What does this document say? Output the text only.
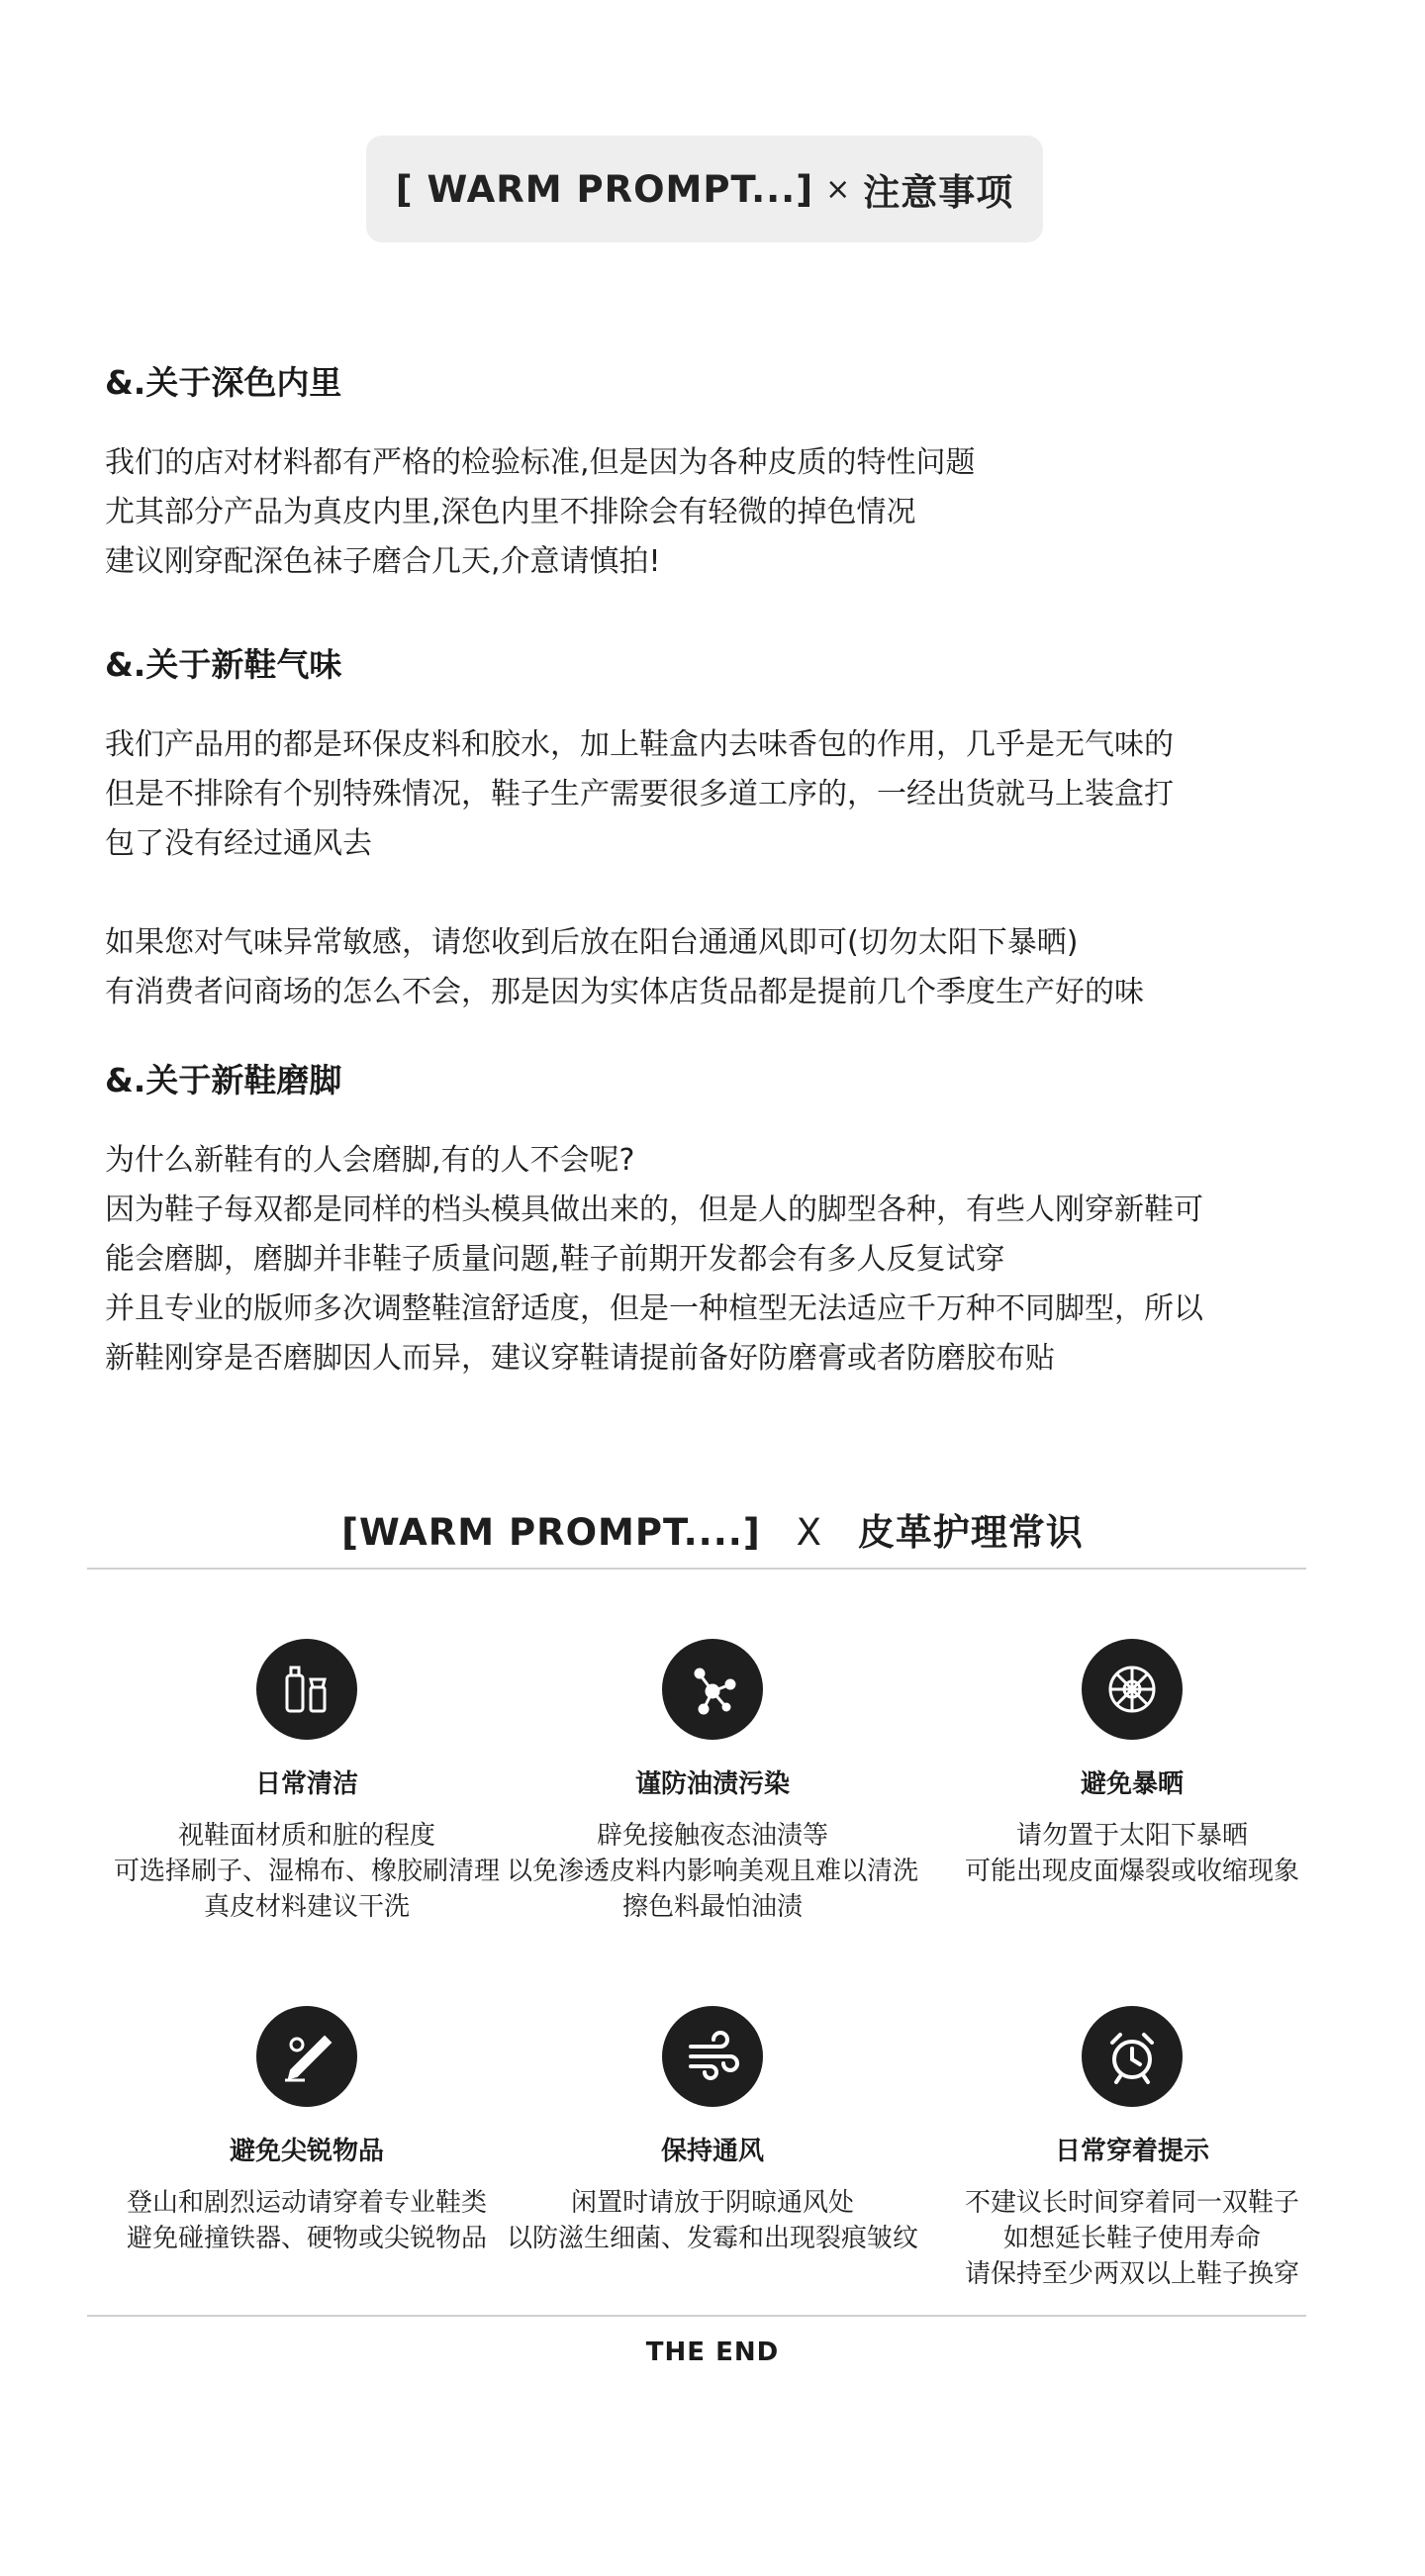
[ WARM PROMPT...] × 注意事项
&.关于深色内里
我们的店对材料都有严格的检验标准,但是因为各种皮质的特性问题
尤其部分产品为真皮内里,深色内里不排除会有轻微的掉色情况
建议刚穿配深色袜子磨合几天,介意请慎拍!
&.关于新鞋气味
我们产品用的都是环保皮料和胶水，加上鞋盒内去味香包的作用，几乎是无气味的
但是不排除有个别特殊情况，鞋子生产需要很多道工序的，一经出货就马上装盒打
包了没有经过通风去

如果您对气味异常敏感，请您收到后放在阳台通通风即可(切勿太阳下暴晒)
有消费者问商场的怎么不会，那是因为实体店货品都是提前几个季度生产好的味
&.关于新鞋磨脚
为什么新鞋有的人会磨脚,有的人不会呢?
因为鞋子每双都是同样的档头模具做出来的，但是人的脚型各种，有些人刚穿新鞋可
能会磨脚，磨脚并非鞋子质量问题,鞋子前期开发都会有多人反复试穿
并且专业的版师多次调整鞋渲舒适度，但是一种楦型无法适应千万种不同脚型，所以
新鞋刚穿是否磨脚因人而异，建议穿鞋请提前备好防磨膏或者防磨胶布贴
[WARM PROMPT....] X 皮革护理常识
日常清洁
视鞋面材质和脏的程度
可选择刷子、湿棉布、橡胶刷清理
真皮材料建议干洗
谨防油渍污染
辟免接触夜态油渍等
以免渗透皮料内影响美观且难以清洗
擦色料最怕油渍
避免暴晒
请勿置于太阳下暴晒
可能出现皮面爆裂或收缩现象
避免尖锐物品
登山和剧烈运动请穿着专业鞋类
避免碰撞铁器、硬物或尖锐物品
保持通风
闲置时请放于阴晾通风处
以防滋生细菌、发霉和出现裂痕皱纹
日常穿着提示
不建议长时间穿着同一双鞋子
如想延长鞋子使用寿命
请保持至少两双以上鞋子换穿
THE END
